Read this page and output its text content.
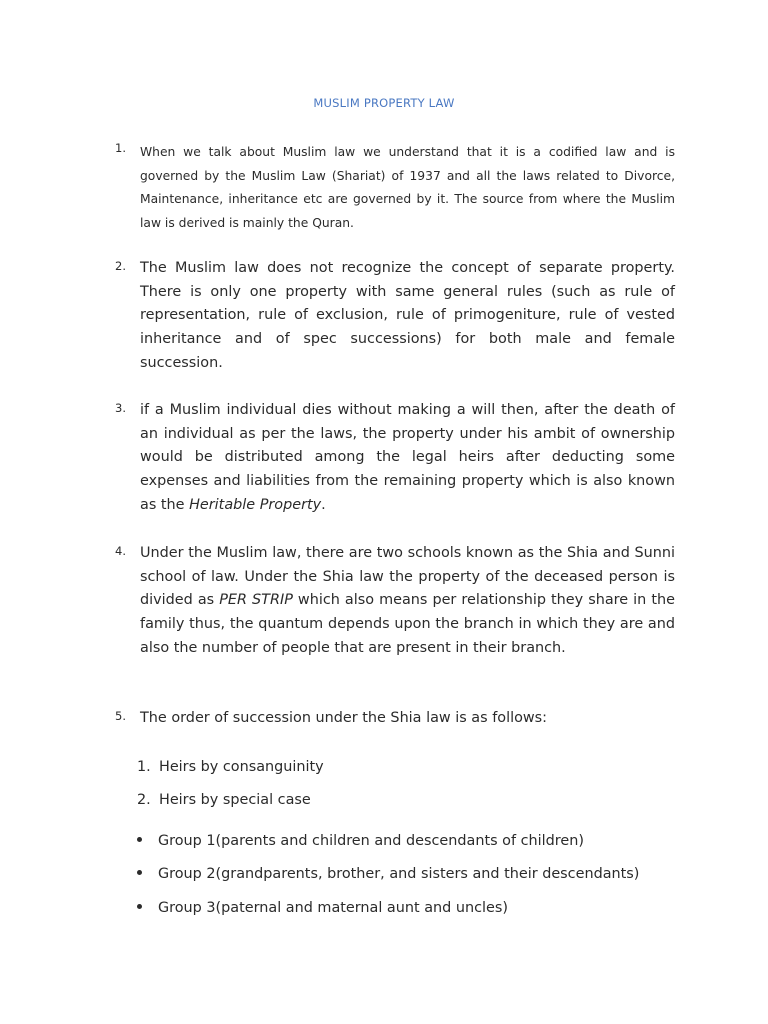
MUSLIM PROPERTY LAW
1. When we talk about Muslim law we understand that it is a codified law and is governed by the Muslim Law (Shariat) of 1937 and all the laws related to Divorce, Maintenance, inheritance etc are governed by it. The source from where the Muslim law is derived is mainly the Quran.
2. The Muslim law does not recognize the concept of separate property. There is only one property with same general rules (such as rule of representation, rule of exclusion, rule of primogeniture, rule of vested inheritance and of spec successions) for both male and female succession.
3. if a Muslim individual dies without making a will then, after the death of an individual as per the laws, the property under his ambit of ownership would be distributed among the legal heirs after deducting some expenses and liabilities from the remaining property which is also known as the Heritable Property.
4. Under the Muslim law, there are two schools known as the Shia and Sunni school of law. Under the Shia law the property of the deceased person is divided as PER STRIP which also means per relationship they share in the family thus, the quantum depends upon the branch in which they are and also the number of people that are present in their branch.
5. The order of succession under the Shia law is as follows:
1. Heirs by consanguinity
2. Heirs by special case
Group 1(parents and children and descendants of children)
Group 2(grandparents, brother, and sisters and their descendants)
Group 3(paternal and maternal aunt and uncles)
